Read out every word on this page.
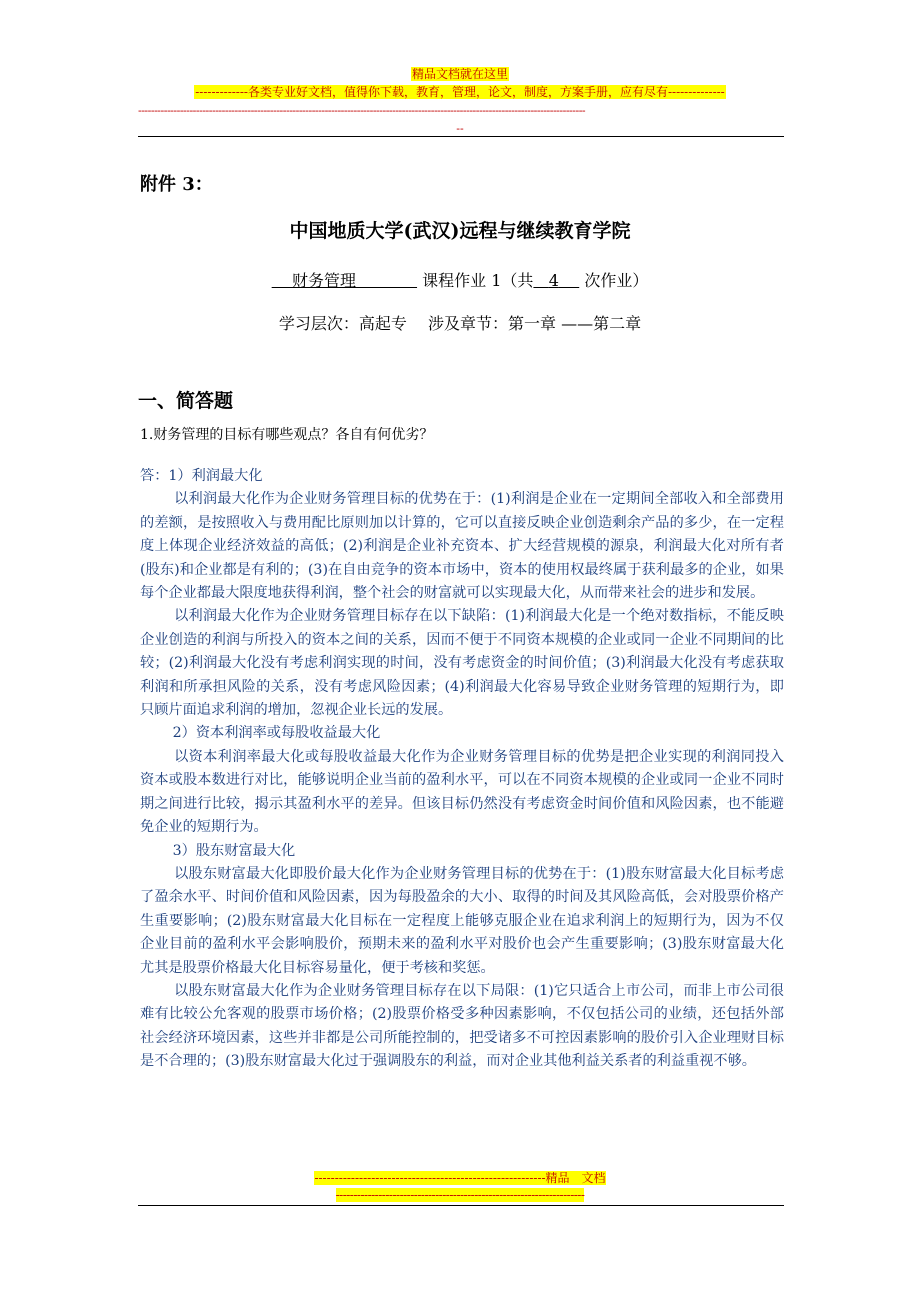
精品文档就在这里
-------------各类专业好文档，值得你下载，教育，管理，论文，制度，方案手册，应有尽有--------------
-------------------------------------------------------------------------------------------------------------------------------------------
--
附件 3：
中国地质大学(武汉)远程与继续教育学院
财务管理	课程作业 1（共 4 次作业）
学习层次：高起专　 涉及章节：第一章 ——第二章
一、简答题
1.财务管理的目标有哪些观点？各自有何优劣？

答：1）利润最大化

以利润最大化作为企业财务管理目标的优势在于：(1)利润是企业在一定期间全部收入和全部费用的差额，是按照收入与费用配比原则加以计算的，它可以直接反映企业创造剩余产品的多少，在一定程度上体现企业经济效益的高低；(2)利润是企业补充资本、扩大经营规模的源泉，利润最大化对所有者(股东)和企业都是有利的；(3)在自由竞争的资本市场中，资本的使用权最终属于获利最多的企业，如果每个企业都最大限度地获得利润，整个社会的财富就可以实现最大化，从而带来社会的进步和发展。

以利润最大化作为企业财务管理目标存在以下缺陷：(1)利润最大化是一个绝对数指标，不能反映企业创造的利润与所投入的资本之间的关系，因而不便于不同资本规模的企业或同一企业不同期间的比较；(2)利润最大化没有考虑利润实现的时间，没有考虑资金的时间价值；(3)利润最大化没有考虑获取利润和所承担风险的关系，没有考虑风险因素；(4)利润最大化容易导致企业财务管理的短期行为，即只顾片面追求利润的增加，忽视企业长远的发展。

2）资本利润率或每股收益最大化

以资本利润率最大化或每股收益最大化作为企业财务管理目标的优势是把企业实现的利润同投入资本或股本数进行对比，能够说明企业当前的盈利水平，可以在不同资本规模的企业或同一企业不同时期之间进行比较，揭示其盈利水平的差异。但该目标仍然没有考虑资金时间价值和风险因素，也不能避免企业的短期行为。

3）股东财富最大化

以股东财富最大化即股价最大化作为企业财务管理目标的优势在于：(1)股东财富最大化目标考虑了盈余水平、时间价值和风险因素，因为每股盈余的大小、取得的时间及其风险高低，会对股票价格产生重要影响；(2)股东财富最大化目标在一定程度上能够克服企业在追求利润上的短期行为，因为不仅企业目前的盈利水平会影响股价，预期未来的盈利水平对股价也会产生重要影响；(3)股东财富最大化尤其是股票价格最大化目标容易量化，便于考核和奖惩。

以股东财富最大化作为企业财务管理目标存在以下局限：(1)它只适合上市公司，而非上市公司很难有比较公允客观的股票市场价格；(2)股票价格受多种因素影响，不仅包括公司的业绩，还包括外部社会经济环境因素，这些并非都是公司所能控制的，把受诸多不可控因素影响的股价引入企业理财目标是不合理的；(3)股东财富最大化过于强调股东的利益，而对企业其他利益关系者的利益重视不够。

---------------------------------------------------------精品　文档
----------------------------------------------------------------------
